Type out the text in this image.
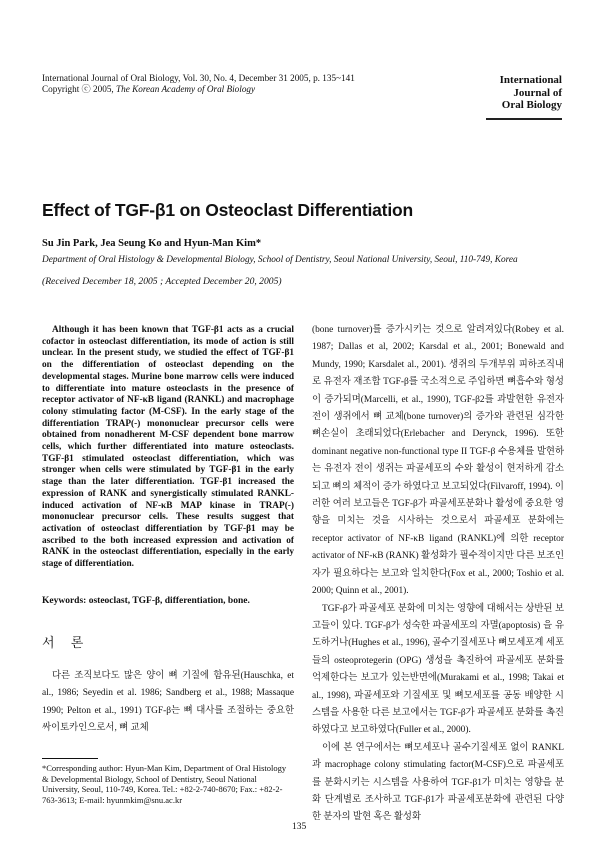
International Journal of Oral Biology, Vol. 30, No. 4, December 31 2005, p. 135~141
Copyright ⓒ 2005, The Korean Academy of Oral Biology
International
Journal of
Oral Biology
Effect of TGF-β1 on Osteoclast Differentiation
Su Jin Park, Jea Seung Ko and Hyun-Man Kim*
Department of Oral Histology & Developmental Biology, School of Dentistry, Seoul National University, Seoul, 110-749, Korea
(Received December 18, 2005 ; Accepted December 20, 2005)
Although it has been known that TGF-β1 acts as a crucial cofactor in osteoclast differentiation, its mode of action is still unclear. In the present study, we studied the effect of TGF-β1 on the differentiation of osteoclast depending on the developmental stages. Murine bone marrow cells were induced to differentiate into mature osteoclasts in the presence of receptor activator of NF-κB ligand (RANKL) and macrophage colony stimulating factor (M-CSF). In the early stage of the differentiation TRAP(-) mononuclear precursor cells were obtained from nonadherent M-CSF dependent bone marrow cells, which further differentiated into mature osteoclasts. TGF-β1 stimulated osteoclast differentiation, which was stronger when cells were stimulated by TGF-β1 in the early stage than the later differentiation. TGF-β1 increased the expression of RANK and synergistically stimulated RANKL-induced activation of NF-κB MAP kinase in TRAP(-) mononuclear precursor cells. These results suggest that activation of osteoclast differentiation by TGF-β1 may be ascribed to the both increased expression and activation of RANK in the osteoclast differentiation, especially in the early stage of differentiation.
Keywords: osteoclast, TGF-β, differentiation, bone.
서 론
다른 조직보다도 많은 양이 뼈 기질에 함유된(Hauschka, et al., 1986; Seyedin et al. 1986; Sandberg et al., 1988; Massaque 1990; Pelton et al., 1991) TGF-β는 뼈 대사를 조절하는 중요한 싸이토카인으로서, 뼈 교체
*Corresponding author: Hyun-Man Kim, Department of Oral Histology & Developmental Biology, School of Dentistry, Seoul National University, Seoul, 110-749, Korea. Tel.: +82-2-740-8670; Fax.: +82-2-763-3613; E-mail: hyunmkim@snu.ac.kr

(bone turnover)를 증가시키는 것으로 알려져있다(Robey et al. 1987; Dallas et al, 2002; Karsdal et al., 2001; Bonewald and Mundy, 1990; Karsdalet al., 2001). 생쥐의 두개부위 피하조직내로 유전자 재조합 TGF-β를 국소적으로 주입하면 뼈흡수와 형성이 증가되며(Marcelli, et al., 1990), TGF-β2를 과발현한 유전자 전이 생쥐에서 뼈 교체(bone turnover)의 증가와 관련된 심각한 뼈손실이 초래되었다(Erlebacher and Derynck, 1996). 또한 dominant negative non-functional type II TGF-β 수용체를 발현하는 유전자 전이 생쥐는 파골세포의 수와 활성이 현저하게 감소되고 뼈의 체적이 증가 하였다고 보고되었다(Filvaroff, 1994). 이러한 여러 보고들은 TGF-β가 파골세포분화나 활성에 중요한 영향을 미치는 것을 시사하는 것으로서 파골세포 분화에는 receptor activator of NF-κB ligand (RANKL)에 의한 receptor activator of NF-κB (RANK) 활성화가 필수적이지만 다른 보조인자가 필요하다는 보고와 일치한다(Fox et al., 2000; Toshio et al. 2000; Quinn et al., 2001).

TGF-β가 파골세포 분화에 미치는 영향에 대해서는 상반된 보고들이 있다. TGF-β가 성숙한 파골세포의 자멸(apoptosis) 을 유도하거나(Hughes et al., 1996), 골수기질세포나 뼈모세포계 세포들의 osteoprotegerin (OPG) 생성을 촉진하여 파골세포 분화를 억제한다는 보고가 있는반면에(Murakami et al., 1998; Takai et al., 1998), 파골세포와 기질세포 및 뼈모세포를 공동 배양한 시스템을 사용한 다른 보고에서는 TGF-β가 파골세포 분화를 촉진하였다고 보고하였다(Fuller et al., 2000).

이에 본 연구에서는 뼈모세포나 골수기질세포 없이 RANKL과 macrophage colony stimulating factor(M-CSF)으로 파골세포를 분화시키는 시스템을 사용하여 TGF-β1가 미치는 영향을 분화 단계별로 조사하고 TGF-β1가 파골세포분화에 관련된 다양한 분자의 발현 혹은 활성화

135
